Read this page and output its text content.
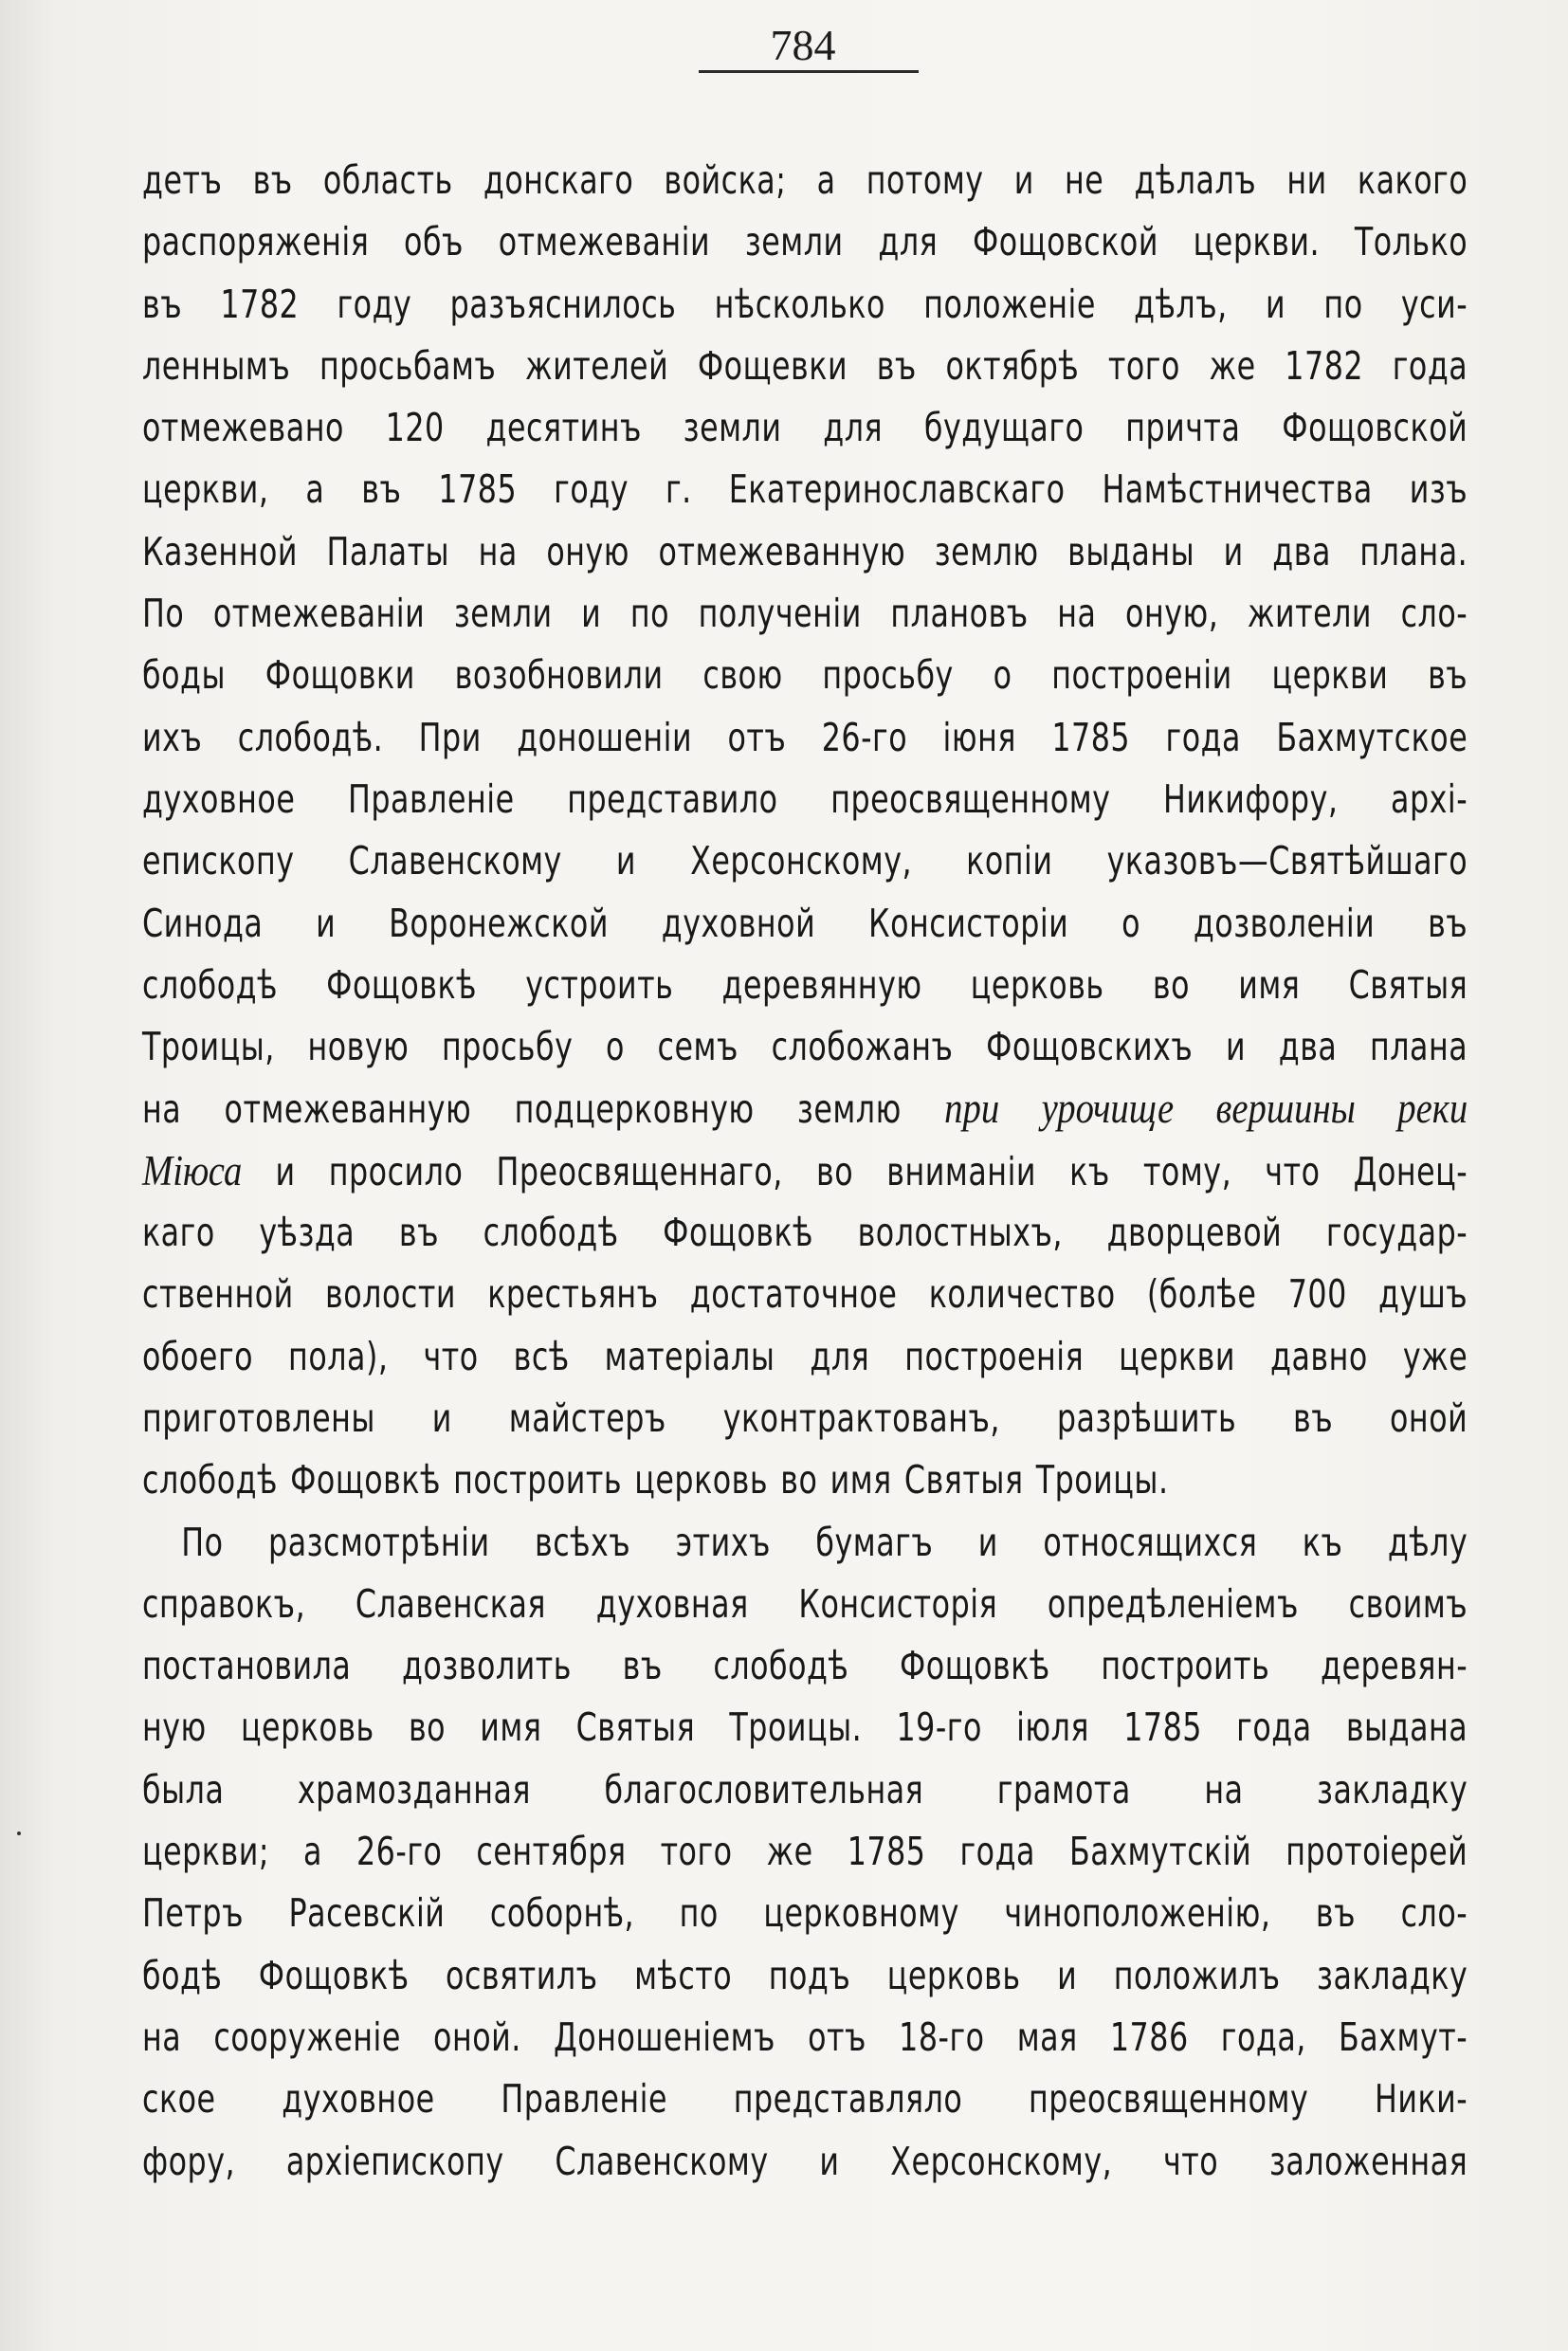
784
детъ въ область донскаго войска; а потому и не дѣлалъ ни какого
распоряженія объ отмежеваніи земли для Фощовской церкви. Только
въ 1782 году разъяснилось нѣсколько положеніе дѣлъ, и по уси-
леннымъ просьбамъ жителей Фощевки въ октябрѣ того же 1782 года
отмежевано 120 десятинъ земли для будущаго причта Фощовской
церкви, а въ 1785 году г. Екатеринославскаго Намѣстничества изъ
Казенной Палаты на оную отмежеванную землю выданы и два плана.
По отмежеваніи земли и по полученіи плановъ на оную, жители сло-
боды Фощовки возобновили свою просьбу о построеніи церкви въ
ихъ слободѣ. При доношеніи отъ 26-го іюня 1785 года Бахмутское
духовное Правленіе представило преосвященному Никифору, архі-
епископу Славенскому и Херсонскому, копіи указовъ—Святѣйшаго
Синода и Воронежской духовной Консисторіи о дозволеніи въ
слободѣ Фощовкѣ устроить деревянную церковь во имя Святыя
Троицы, новую просьбу о семъ слобожанъ Фощовскихъ и два плана
на отмежеванную подцерковную землю при урочище вершины реки
Міюса и просило Преосвященнаго, во вниманіи къ тому, что Донец-
каго уѣзда въ слободѣ Фощовкѣ волостныхъ, дворцевой государ-
ственной волости крестьянъ достаточное количество (болѣе 700 душъ
обоего пола), что всѣ матеріалы для построенія церкви давно уже
приготовлены и майстеръ уконтрактованъ, разрѣшить въ оной
слободѣ Фощовкѣ построить церковь во имя Святыя Троицы.
По разсмотрѣніи всѣхъ этихъ бумагъ и относящихся къ дѣлу
справокъ, Славенская духовная Консисторія опредѣленіемъ своимъ
постановила дозволить въ слободѣ Фощовкѣ построить деревян-
ную церковь во имя Святыя Троицы. 19-го іюля 1785 года выдана
была храмозданная благословительная грамота на закладку
церкви; а 26-го сентября того же 1785 года Бахмутскій протоіерей
Петръ Расевскій соборнѣ, по церковному чиноположенію, въ сло-
бодѣ Фощовкѣ освятилъ мѣсто подъ церковь и положилъ закладку
на сооруженіе оной. Доношеніемъ отъ 18-го мая 1786 года, Бахмут-
ское духовное Правленіе представляло преосвященному Ники-
фору, архіепископу Славенскому и Херсонскому, что заложенная
